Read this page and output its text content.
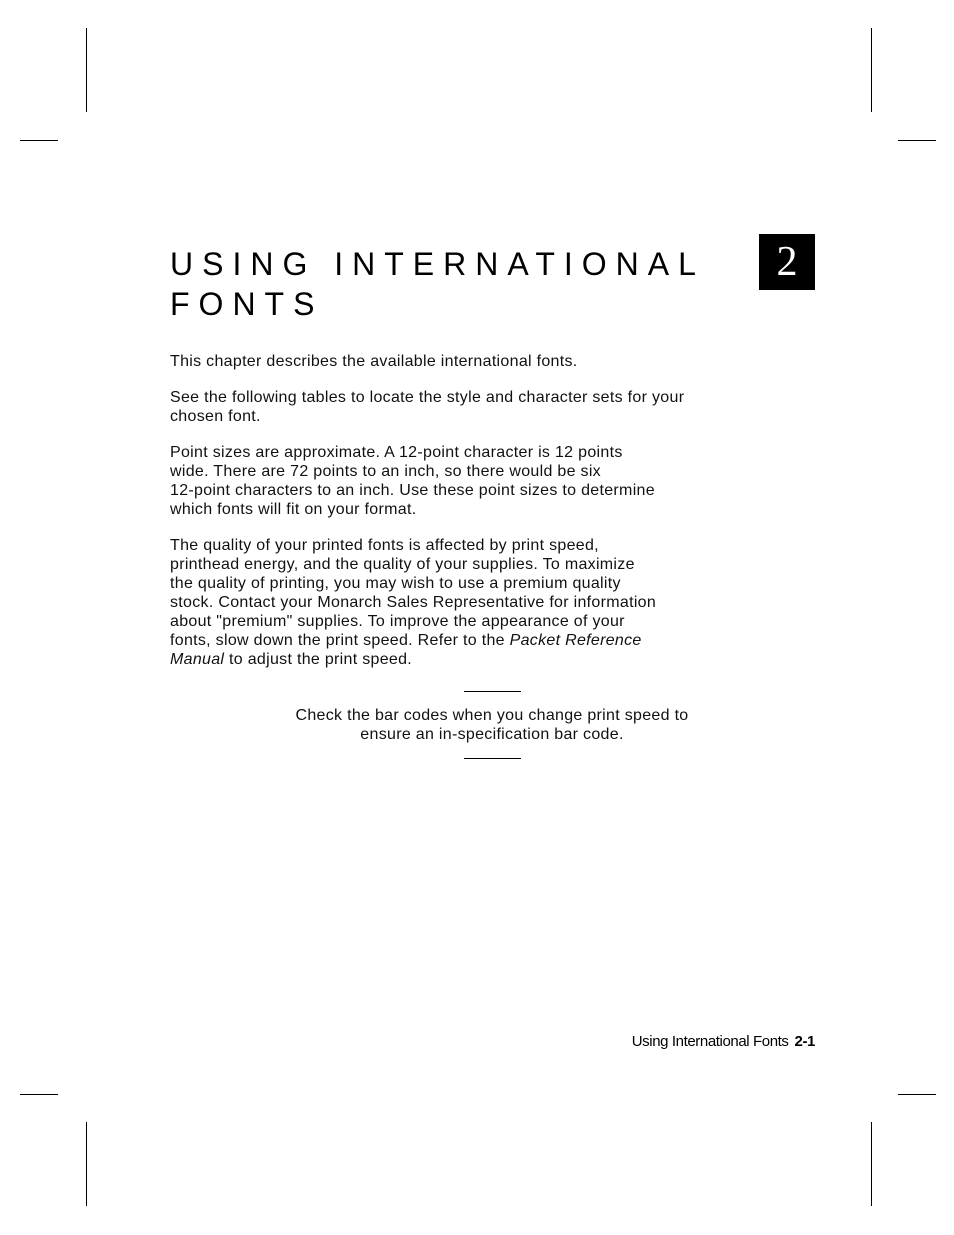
USING INTERNATIONAL
FONTS
2

This chapter describes the available international fonts.

See the following tables to locate the style and character sets for your chosen font.

Point sizes are approximate. A 12-point character is 12 points
wide. There are 72 points to an inch, so there would be six
12-point characters to an inch. Use these point sizes to determine
which fonts will fit on your format.

The quality of your printed fonts is affected by print speed,
printhead energy, and the quality of your supplies. To maximize
the quality of printing, you may wish to use a premium quality
stock. Contact your Monarch Sales Representative for information
about "premium" supplies. To improve the appearance of your
fonts, slow down the print speed. Refer to the Packet Reference
Manual to adjust the print speed.

Check the bar codes when you change print speed to
ensure an in-specification bar code.
Using International Fonts 2-1
